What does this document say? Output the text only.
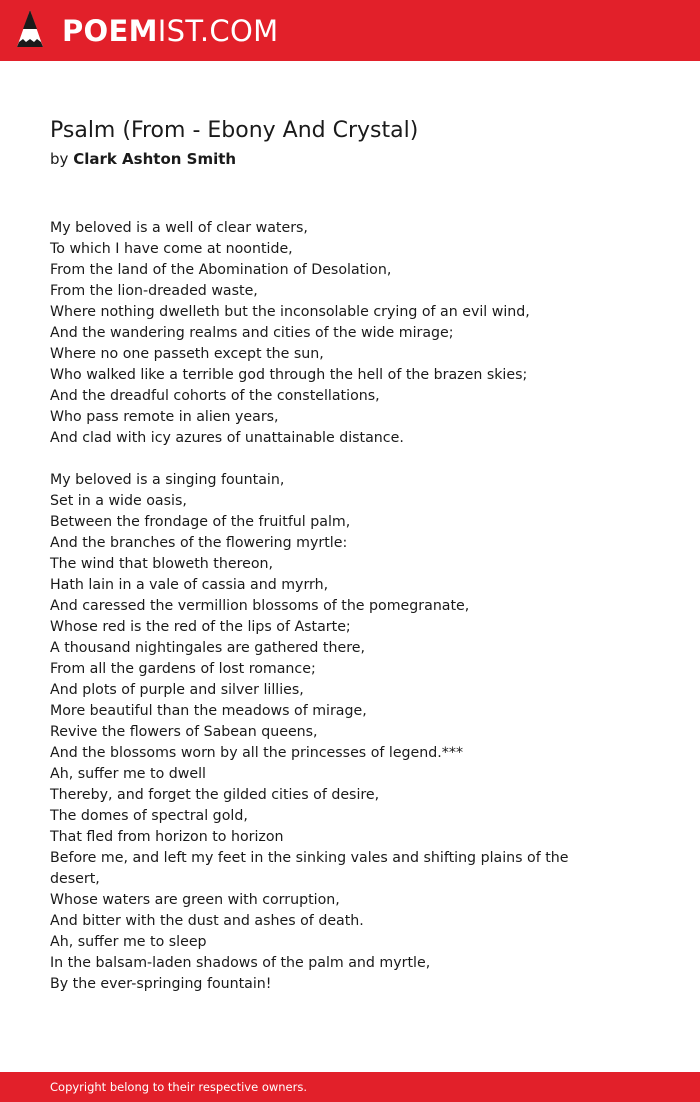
POEMIST.COM
Psalm (From - Ebony And Crystal)
by Clark Ashton Smith
My beloved is a well of clear waters,
To which I have come at noontide,
From the land of the Abomination of Desolation,
From the lion-dreaded waste,
Where nothing dwelleth but the inconsolable crying of an evil wind,
And the wandering realms and cities of the wide mirage;
Where no one passeth except the sun,
Who walked like a terrible god through the hell of the brazen skies;
And the dreadful cohorts of the constellations,
Who pass remote in alien years,
And clad with icy azures of unattainable distance.
My beloved is a singing fountain,
Set in a wide oasis,
Between the frondage of the fruitful palm,
And the branches of the flowering myrtle:
The wind that bloweth thereon,
Hath lain in a vale of cassia and myrrh,
And caressed the vermillion blossoms of the pomegranate,
Whose red is the red of the lips of Astarte;
A thousand nightingales are gathered there,
From all the gardens of lost romance;
And plots of purple and silver lillies,
More beautiful than the meadows of mirage,
Revive the flowers of Sabean queens,
And the blossoms worn by all the princesses of legend.***
Ah, suffer me to dwell
Thereby, and forget the gilded cities of desire,
The domes of spectral gold,
That fled from horizon to horizon
Before me, and left my feet in the sinking vales and shifting plains of the desert,
Whose waters are green with corruption,
And bitter with the dust and ashes of death.
Ah, suffer me to sleep
In the balsam-laden shadows of the palm and myrtle,
By the ever-springing fountain!
Copyright belong to their respective owners.
